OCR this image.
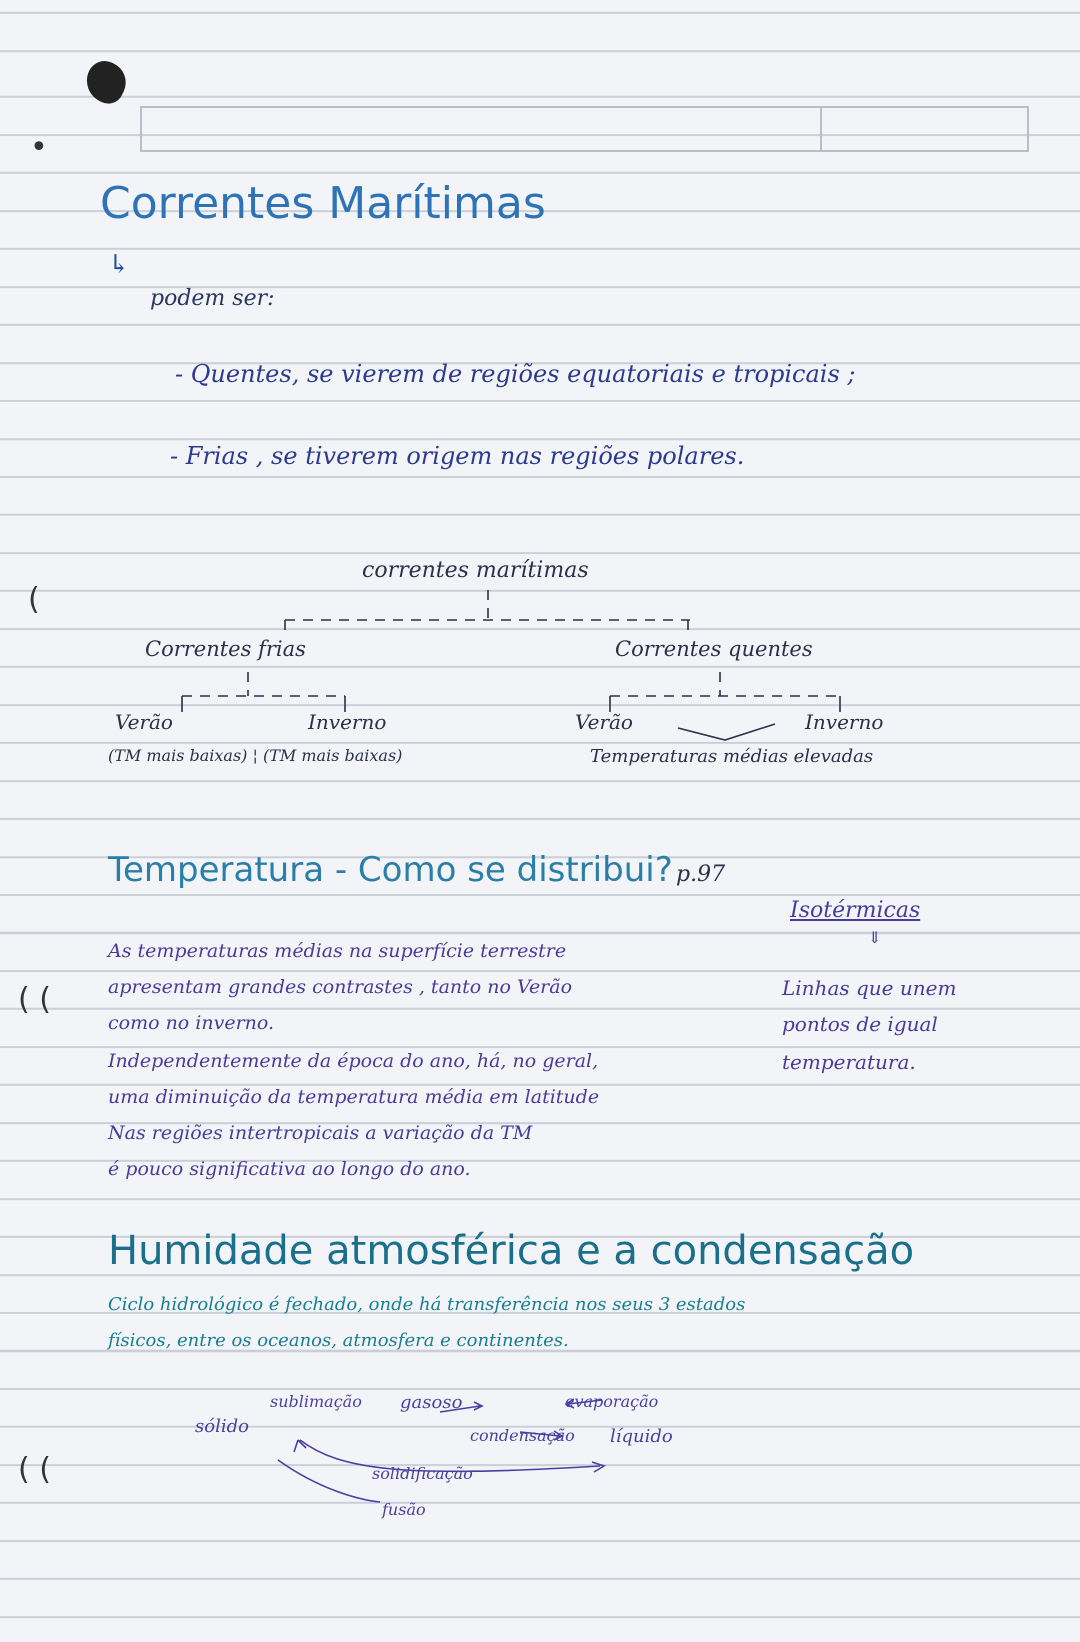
•
(
( (
( (
Correntes Marítimas
↳
podem ser:
- Quentes, se vierem de regiões equatoriais e tropicais ;
- Frias , se tiverem origem nas regiões polares.
correntes marítimas
Correntes frias	Correntes quentes
Verão	Inverno
(TM mais baixas) ¦ (TM mais baixas)
Verão	Inverno
Temperaturas médias elevadas
Temperatura - Como se distribui? p.97
Isotérmicas
⇓
Linhas que unem
pontos de igual
temperatura.
As temperaturas médias na superfície terrestre
apresentam grandes contrastes , tanto no Verão
como no inverno.
Independentemente da época do ano, há, no geral,
uma diminuição da temperatura média em latitude
Nas regiões intertropicais a variação da TM
é pouco significativa ao longo do ano.
Humidade atmosférica e a condensação
Ciclo hidrológico é fechado, onde há transferência nos seus 3 estados
físicos, entre os oceanos, atmosfera e continentes.
sublimação gasoso	evaporação
sólido	condensação líquido
solidificação
fusão
